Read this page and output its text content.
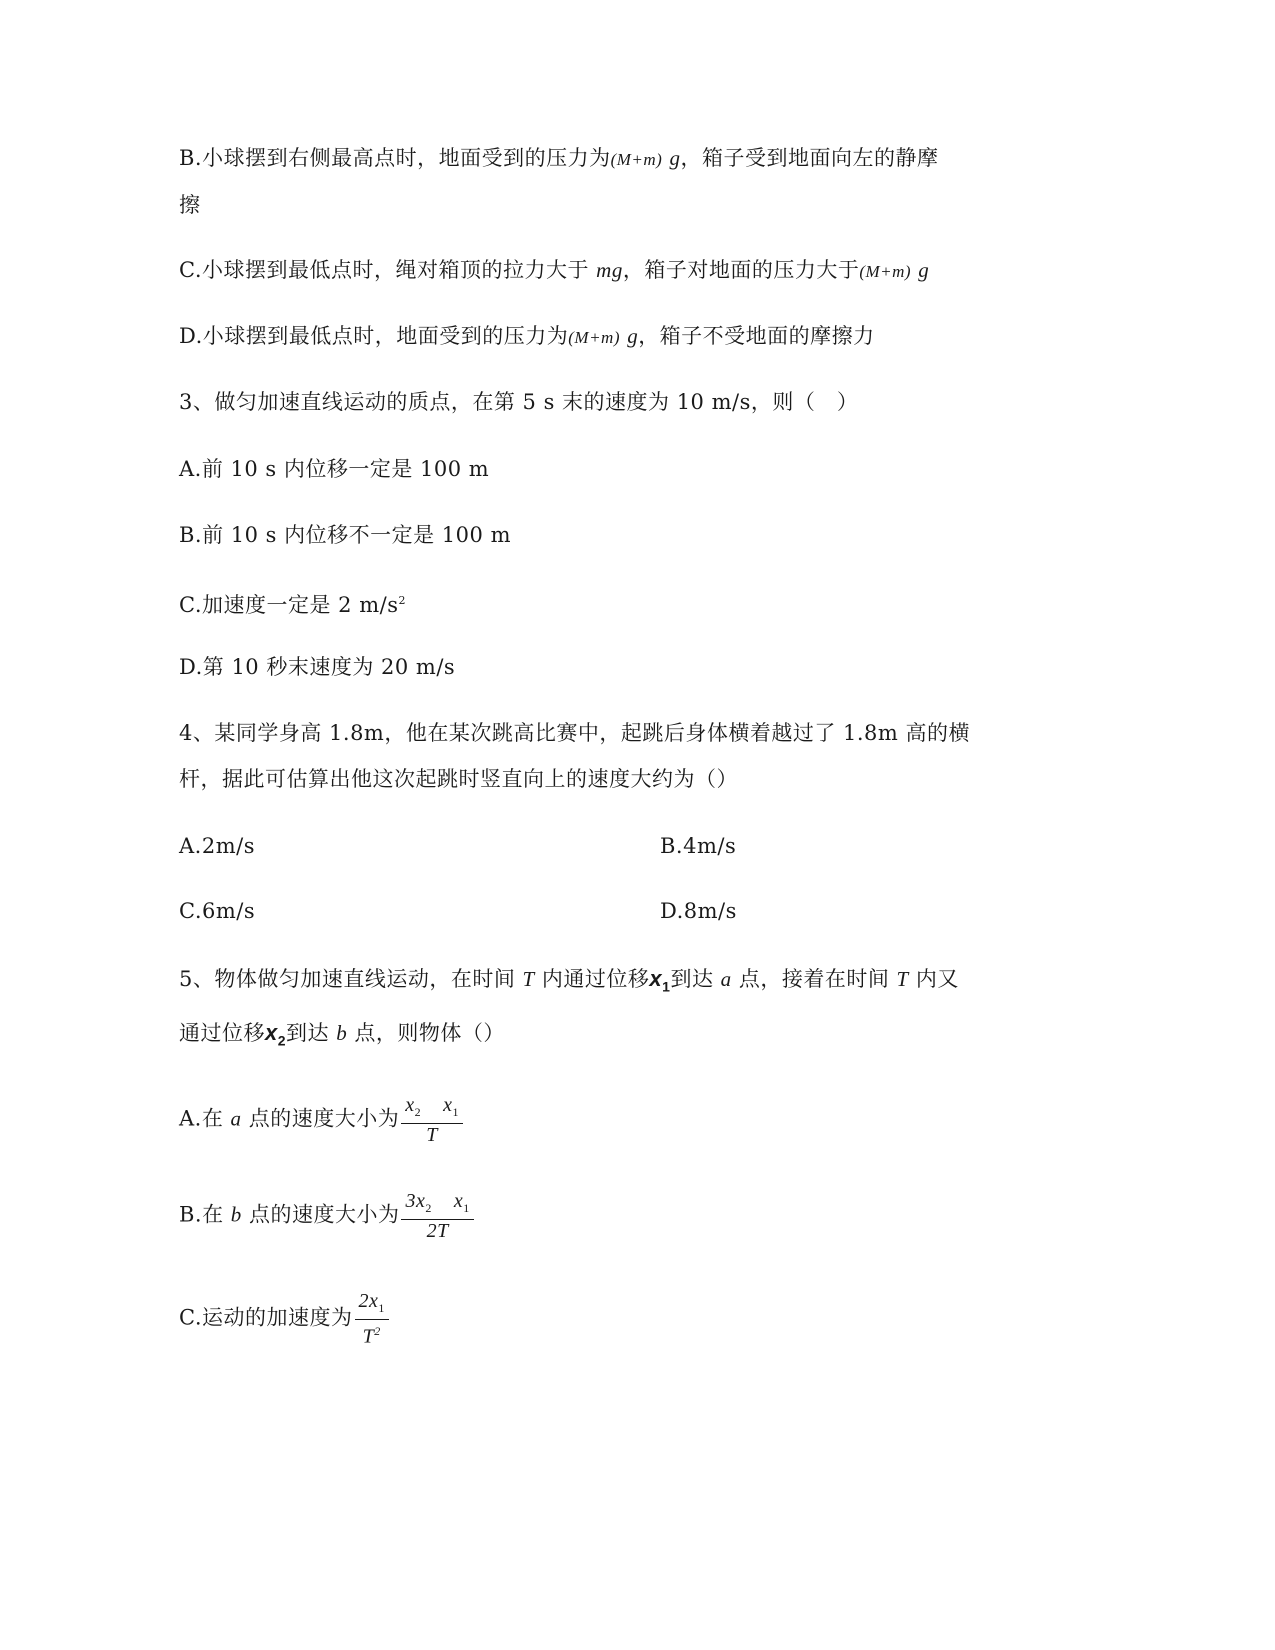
B.小球摆到右侧最高点时，地面受到的压力为(M+m) g，箱子受到地面向左的静摩
擦
C.小球摆到最低点时，绳对箱顶的拉力大于 mg，箱子对地面的压力大于(M+m) g
D.小球摆到最低点时，地面受到的压力为(M+m) g，箱子不受地面的摩擦力
3、做匀加速直线运动的质点，在第 5 s 末的速度为 10 m/s，则（　）
A.前 10 s 内位移一定是 100 m
B.前 10 s 内位移不一定是 100 m
C.加速度一定是 2 $m/s^2$
D.第 10 秒末速度为 20 m/s
4、某同学身高 1.8m，他在某次跳高比赛中，起跳后身体横着越过了 1.8m 高的横
杆，据此可估算出他这次起跳时竖直向上的速度大约为（）
A.2m/s	B.4m/s
C.6m/s	D.8m/s
5、物体做匀加速直线运动，在时间 T 内通过位移$x_1$到达 a 点，接着在时间 T 内又
通过位移$x_2$到达 b 点，则物体（）
A.在 a 点的速度大小为 $\frac{x_2 x_1}{T}$
B.在 b 点的速度大小为 $\frac{3x_2 x_1}{2T}$
C.运动的加速度为 $\frac{2x_1}{T^2}$
